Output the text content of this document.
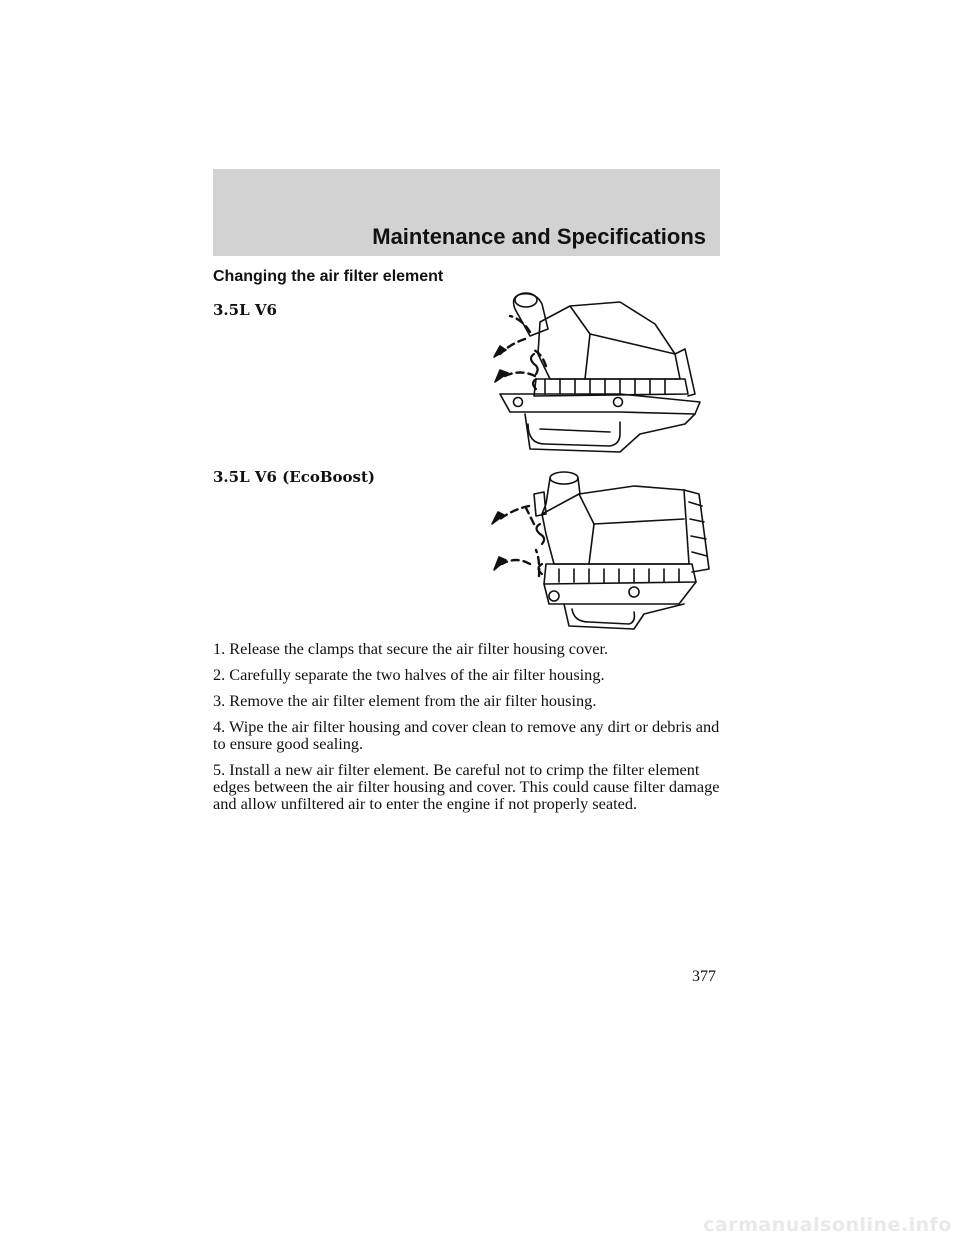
Maintenance and Specifications
Changing the air filter element
3.5L V6
3.5L V6 (EcoBoost)
1. Release the clamps that secure the air filter housing cover.
2. Carefully separate the two halves of the air filter housing.
3. Remove the air filter element from the air filter housing.
4. Wipe the air filter housing and cover clean to remove any dirt or debris and to ensure good sealing.
5. Install a new air filter element. Be careful not to crimp the filter element edges between the air filter housing and cover. This could cause filter damage and allow unfiltered air to enter the engine if not properly seated.
377
carmanualsonline.info
